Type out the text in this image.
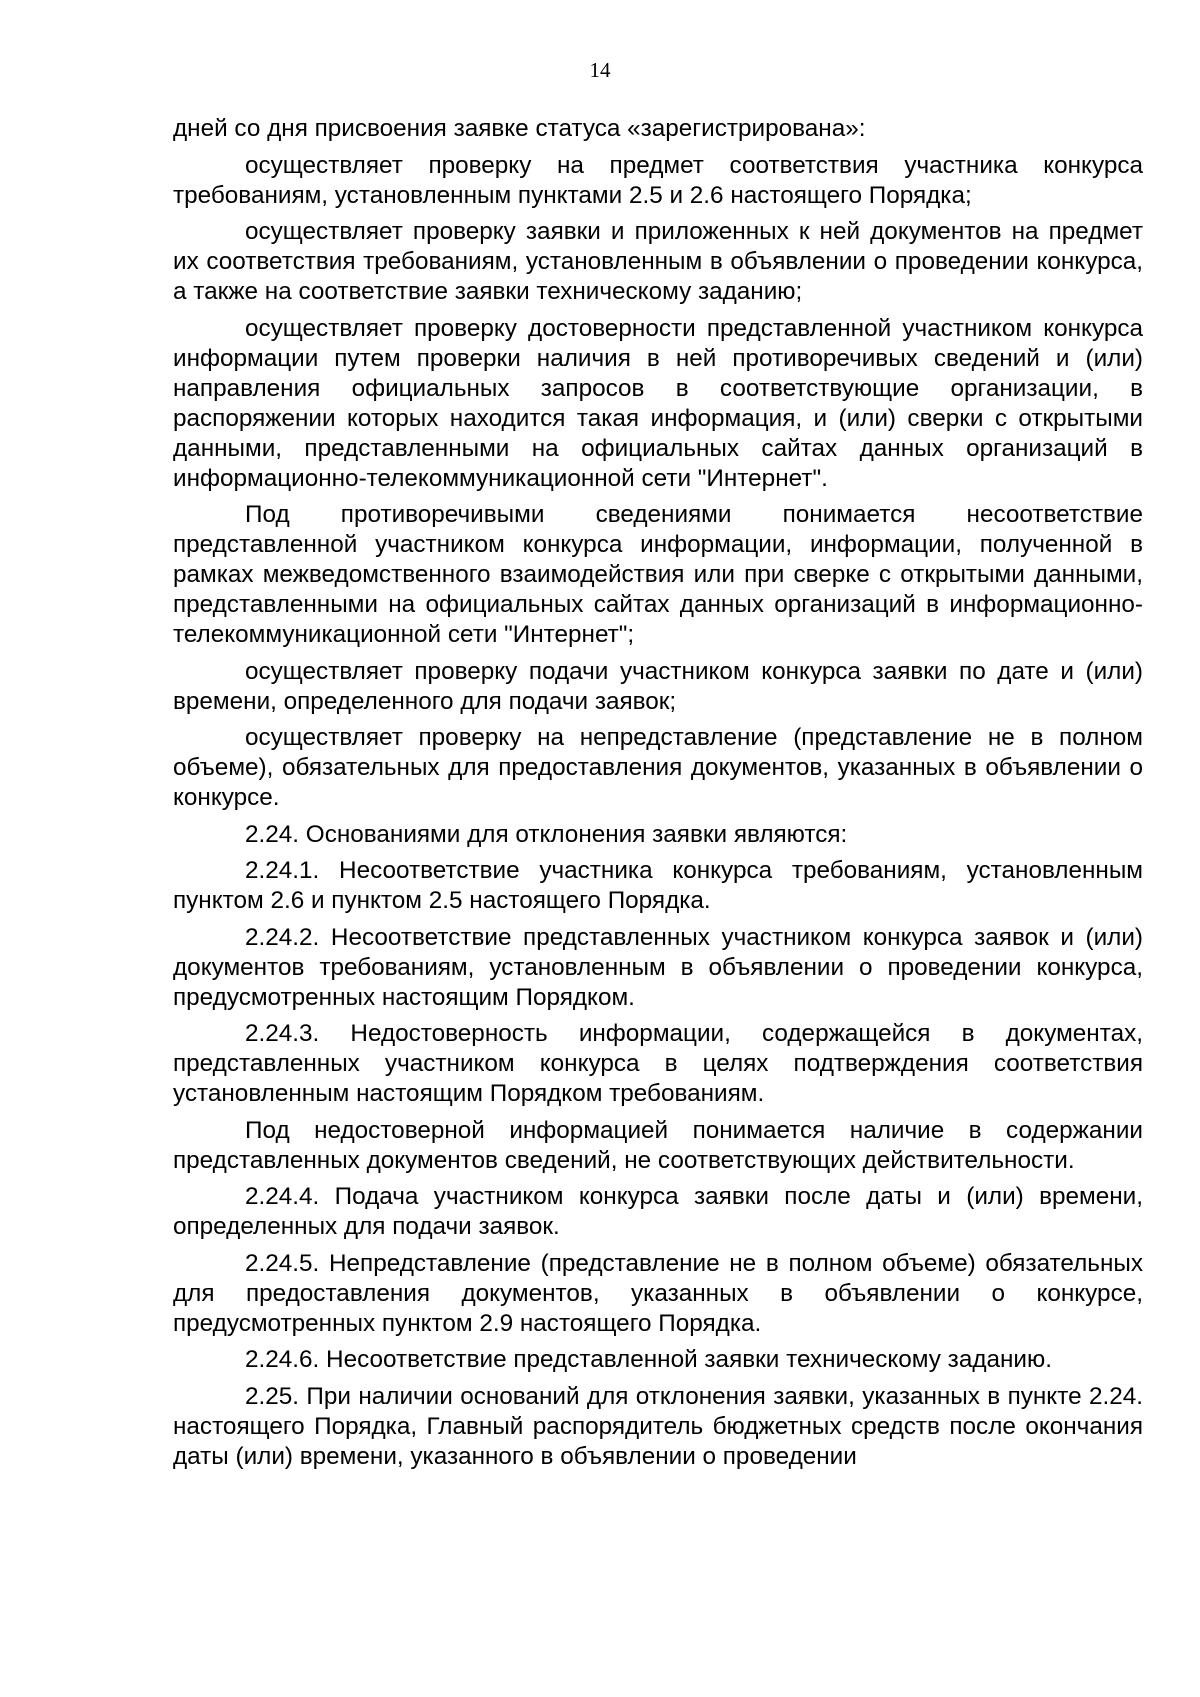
14

дней со дня присвоения заявке статуса «зарегистрирована»:

осуществляет проверку на предмет соответствия участника конкурса требованиям, установленным пунктами 2.5 и 2.6 настоящего Порядка;

осуществляет проверку заявки и приложенных к ней документов на предмет их соответствия требованиям, установленным в объявлении о проведении конкурса, а также на соответствие заявки техническому заданию;

осуществляет проверку достоверности представленной участником конкурса информации путем проверки наличия в ней противоречивых сведений и (или) направления официальных запросов в соответствующие организации, в распоряжении которых находится такая информация, и (или) сверки с открытыми данными, представленными на официальных сайтах данных организаций в информационно-телекоммуникационной сети "Интернет".

Под противоречивыми сведениями понимается несоответствие представленной участником конкурса информации, информации, полученной в рамках межведомственного взаимодействия или при сверке с открытыми данными, представленными на официальных сайтах данных организаций в информационно-телекоммуникационной сети "Интернет";

осуществляет проверку подачи участником конкурса заявки по дате и (или) времени, определенного для подачи заявок;

осуществляет проверку на непредставление (представление не в полном объеме), обязательных для предоставления документов, указанных в объявлении о конкурсе.

2.24. Основаниями для отклонения заявки являются:

2.24.1. Несоответствие участника конкурса требованиям, установленным пунктом 2.6 и пунктом 2.5 настоящего Порядка.

2.24.2. Несоответствие представленных участником конкурса заявок и (или) документов требованиям, установленным в объявлении о проведении конкурса, предусмотренных настоящим Порядком.

2.24.3. Недостоверность информации, содержащейся в документах, представленных участником конкурса в целях подтверждения соответствия установленным настоящим Порядком требованиям.

Под недостоверной информацией понимается наличие в содержании представленных документов сведений, не соответствующих действительности.

2.24.4. Подача участником конкурса заявки после даты и (или) времени, определенных для подачи заявок.

2.24.5. Непредставление (представление не в полном объеме) обязательных для предоставления документов, указанных в объявлении о конкурсе, предусмотренных пунктом 2.9 настоящего Порядка.

2.24.6. Несоответствие представленной заявки техническому заданию.

2.25. При наличии оснований для отклонения заявки, указанных в пункте 2.24. настоящего Порядка, Главный распорядитель бюджетных средств после окончания даты (или) времени, указанного в объявлении о проведении
